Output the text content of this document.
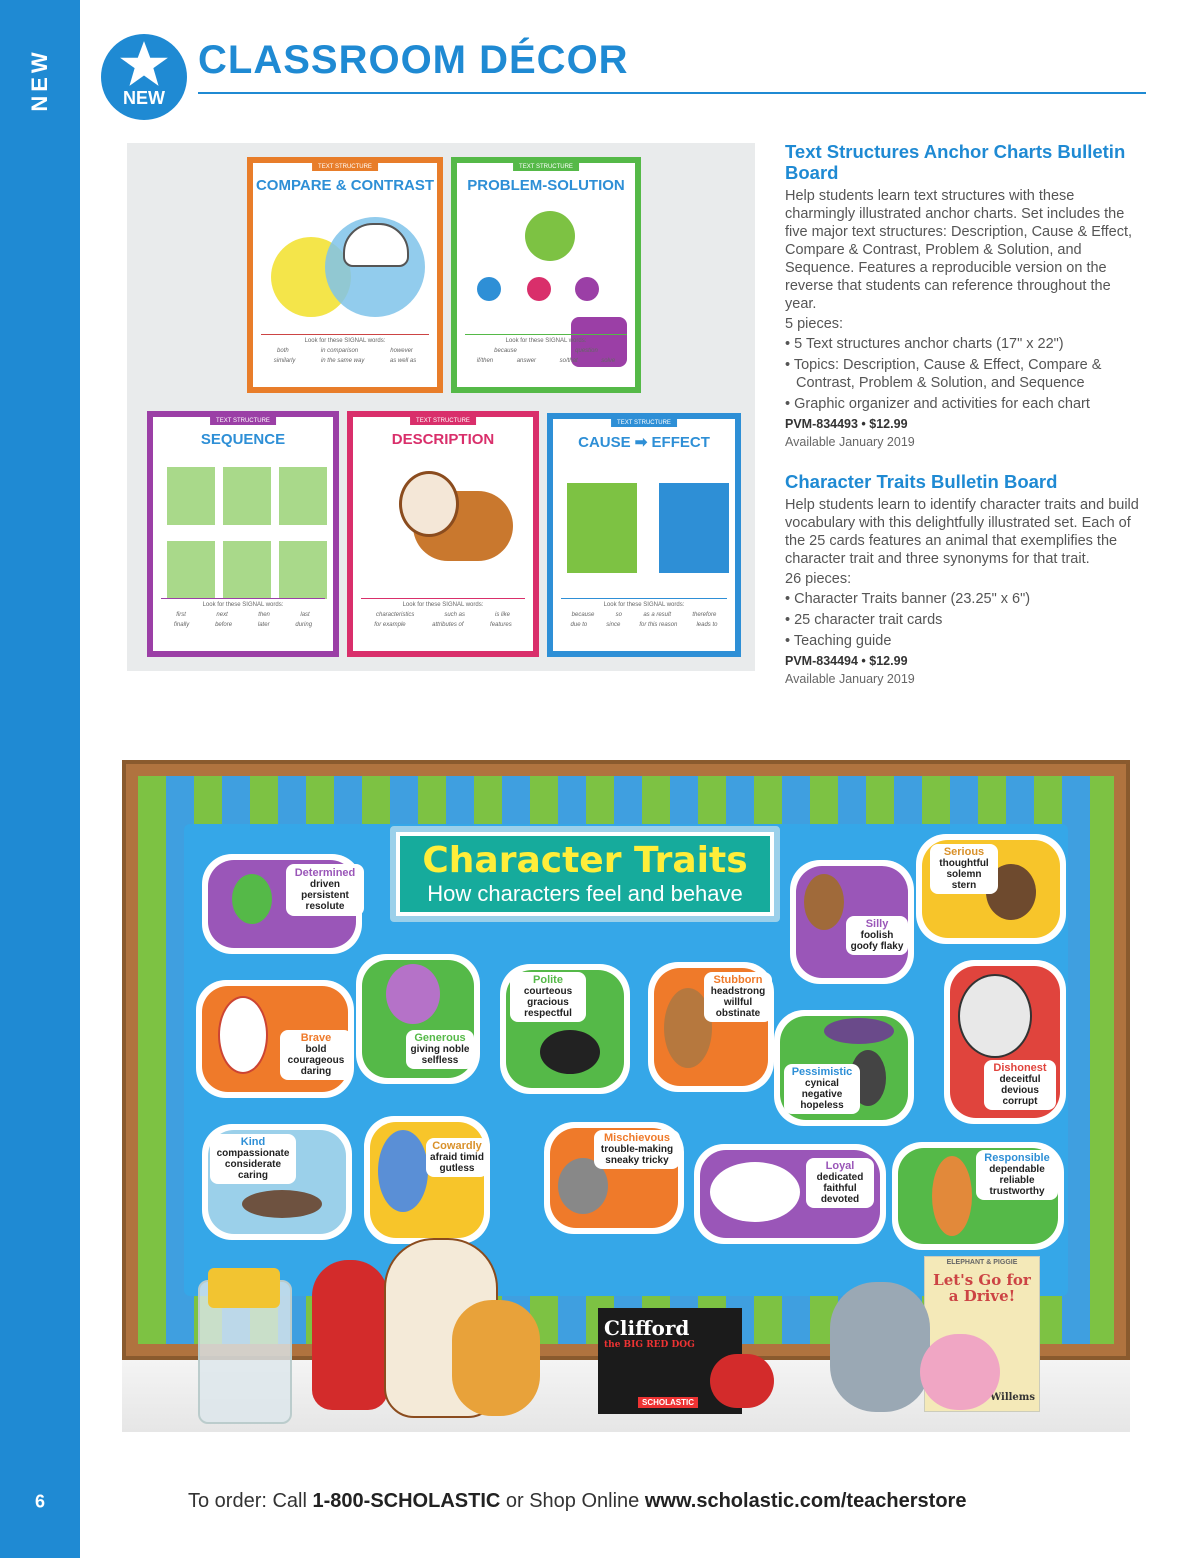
NEW
6
NEW
CLASSROOM DÉCOR
TEXT STRUCTURE
COMPARE & CONTRAST
Look for these SIGNAL words:
both	in comparison	however
similarly	in the same way	as well as
TEXT STRUCTURE
PROBLEM-SOLUTION
Look for these SIGNAL words:
because	question
if/then	answer	so/that	solve
TEXT STRUCTURE
SEQUENCE
Look for these SIGNAL words:
first	next	then	last
finally	before	later	during
TEXT STRUCTURE
DESCRIPTION
Look for these SIGNAL words:
characteristics	such as	is like
for example	attributes of	features
TEXT STRUCTURE
CAUSE ➡ EFFECT
Look for these SIGNAL words:
because	so	as a result	therefore
due to	since	for this reason	leads to
Text Structures Anchor Charts Bulletin Board

Help students learn text structures with these charmingly illustrated anchor charts. Set includes the five major text structures: Description, Cause & Effect, Compare & Contrast, Problem & Solution, and Sequence. Features a reproducible version on the reverse that students can reference throughout the year.

5 pieces:

• 5 Text structures anchor charts (17" x 22")
• Topics: Description, Cause & Effect, Compare & Contrast, Problem & Solution, and Sequence
• Graphic organizer and activities for each chart
PVM-834493 • $12.99
Available January 2019
Character Traits Bulletin Board

Help students learn to identify character traits and build vocabulary with this delightfully illustrated set. Each of the 25 cards features an animal that exemplifies the character trait and three synonyms for that trait.

26 pieces:

• Character Traits banner (23.25" x 6")
• 25 character trait cards
• Teaching guide
PVM-834494 • $12.99
Available January 2019
Character Traits
How characters feel and behave
Determined
driven persistent resolute
Serious
thoughtful solemn stern
Silly
foolish goofy flaky
Brave
bold courageous daring
Generous
giving noble selfless
Polite
courteous gracious respectful
Stubborn
headstrong willful obstinate
Pessimistic
cynical negative hopeless
Dishonest
deceitful devious corrupt
Kind
compassionate considerate caring
Cowardly
afraid timid gutless
Mischievous
trouble-making sneaky tricky	Loyal
dedicated faithful devoted
Responsible
dependable reliable trustworthy
Clifford
the BIG RED DOG
SCHOLASTIC
ELEPHANT & PIGGIE
Let's Go for a Drive!
Willems
To order: Call 1-800-SCHOLASTIC or Shop Online www.scholastic.com/teacherstore
